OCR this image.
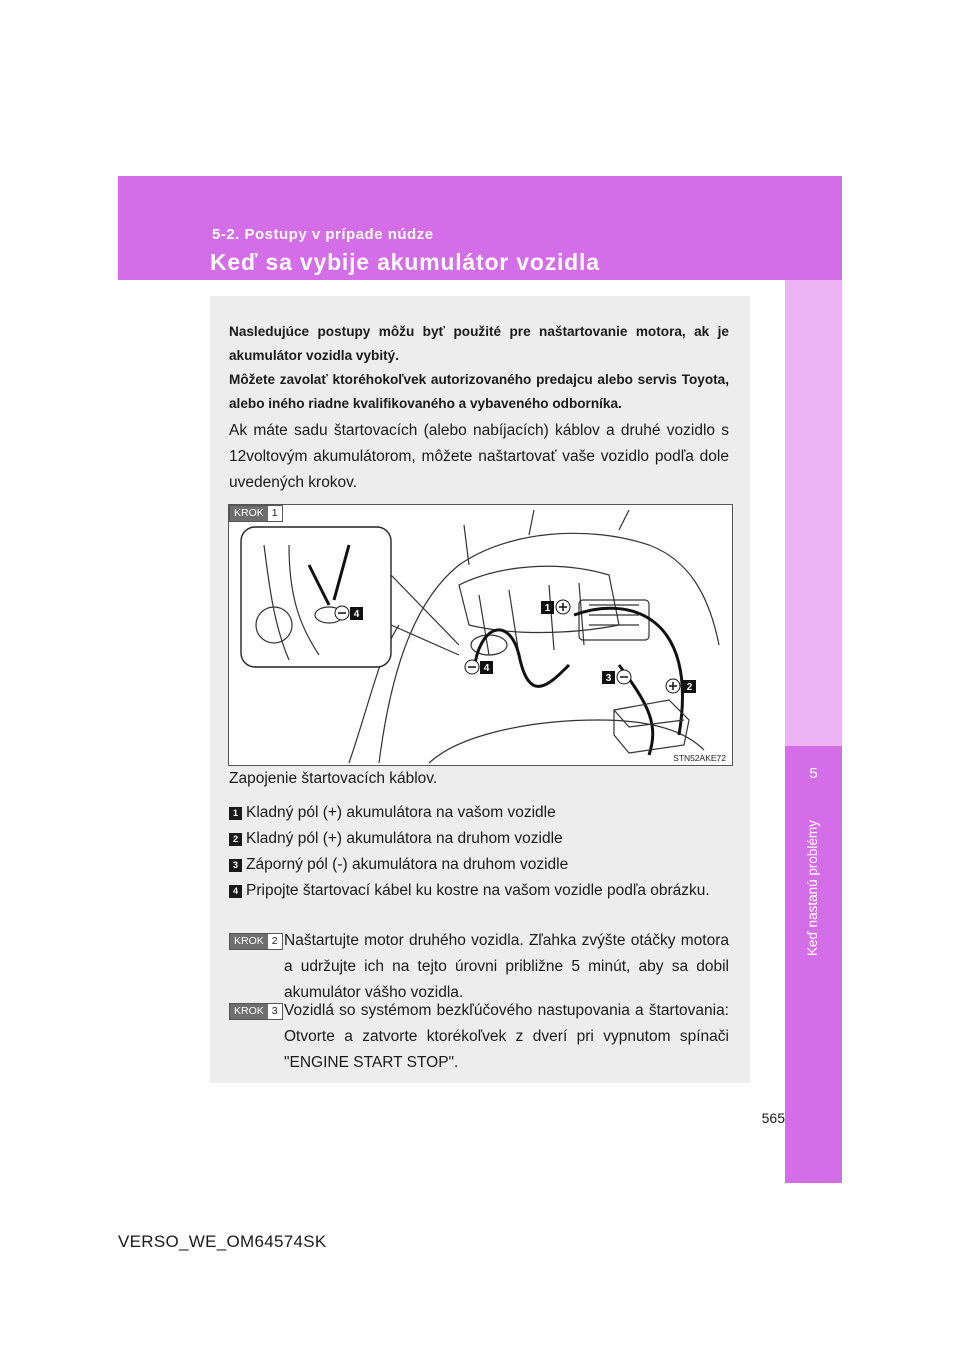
5-2. Postupy v prípade núdze
Keď sa vybije akumulátor vozidla
5
Keď nastanú problémy
Nasledujúce postupy môžu byť použité pre naštartovanie motora, ak je akumulátor vozidla vybitý.
Môžete zavolať ktoréhokoľvek autorizovaného predajcu alebo servis Toyota, alebo iného riadne kvalifikovaného a vybaveného odborníka.
Ak máte sadu štartovacích (alebo nabíjacích) káblov a druhé vozidlo s 12voltovým akumulátorom, môžete naštartovať vaše vozidlo podľa dole uvedených krokov.
KROK 1
4
4
1
3
2
STN52AKE72
Zapojenie štartovacích káblov.
1 Kladný pól (+) akumulátora na vašom vozidle
2 Kladný pól (+) akumulátora na druhom vozidle
3 Záporný pól (-) akumulátora na druhom vozidle
4 Pripojte štartovací kábel ku kostre na vašom vozidle podľa obrázku.
KROK 2 Naštartujte motor druhého vozidla. Zľahka zvýšte otáčky motora a udržujte ich na tejto úrovni približne 5 minút, aby sa dobil akumulátor vášho vozidla.
KROK 3 Vozidlá so systémom bezkľúčového nastupovania a štartovania: Otvorte a zatvorte ktorékoľvek z dverí pri vypnutom spínači "ENGINE START STOP".
565
VERSO_WE_OM64574SK
